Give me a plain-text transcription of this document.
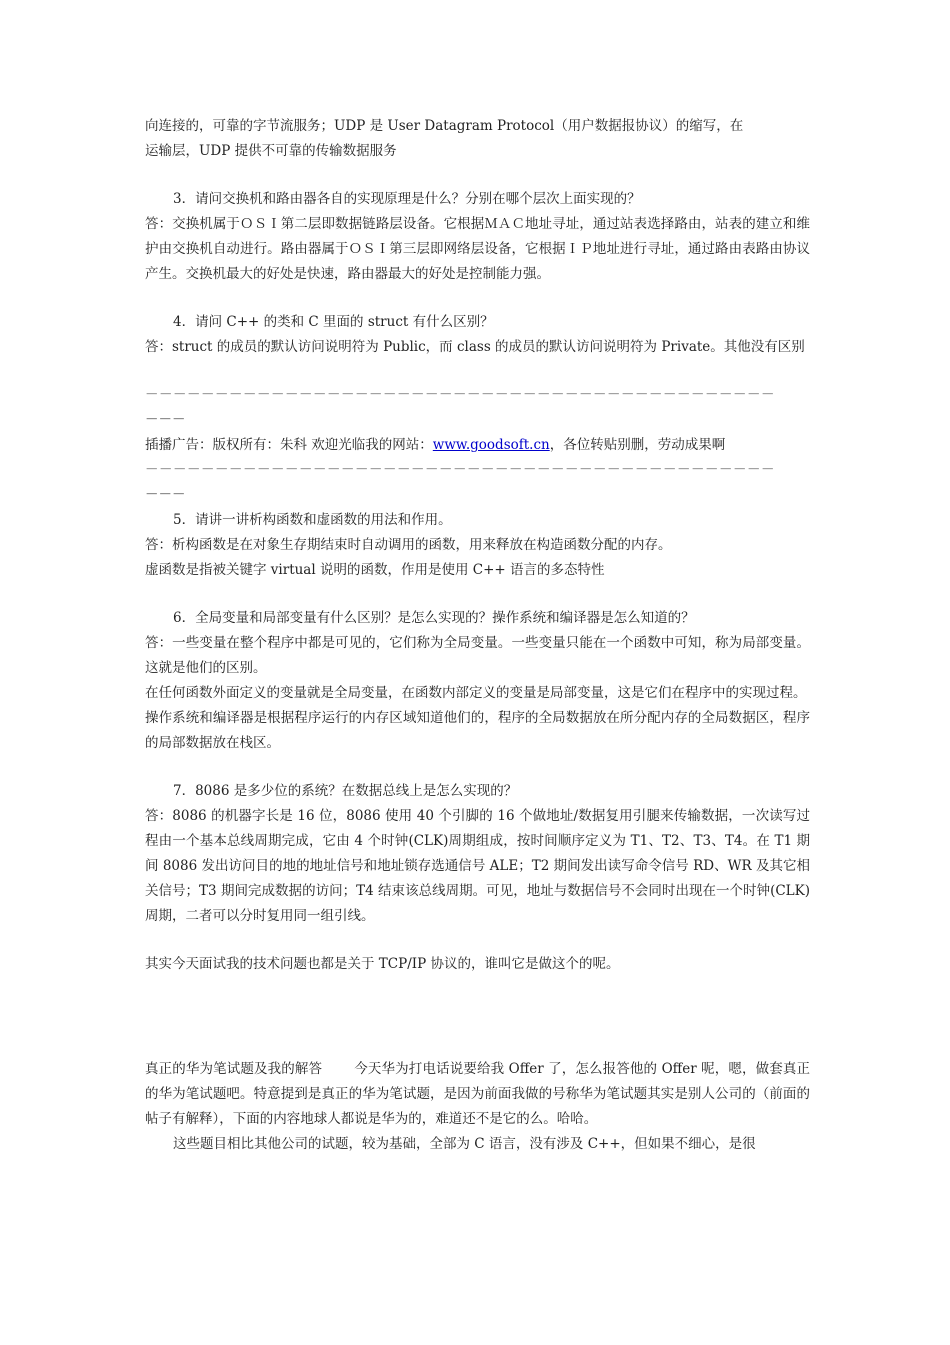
向连接的，可靠的字节流服务；UDP 是 User Datagram Protocol（用户数据报协议）的缩写，在

运输层，UDP 提供不可靠的传输数据服务

3．请问交换机和路由器各自的实现原理是什么？分别在哪个层次上面实现的？

答：交换机属于ＯＳＩ第二层即数据链路层设备。它根据ＭＡＣ地址寻址，通过站表选择路由，站表的建立和维护由交换机自动进行。路由器属于ＯＳＩ第三层即网络层设备，它根据ＩＰ地址进行寻址，通过路由表路由协议产生。交换机最大的好处是快速，路由器最大的好处是控制能力强。

4．请问 C++ 的类和 C 里面的 struct 有什么区别？

答：struct 的成员的默认访问说明符为 Public，而 class 的成员的默认访问说明符为 Private。其他没有区别

－－－－－－－－－－－－－－－－－－－－－－－－－－－－－－－－－－－－－－－－－－－－－

－－－

插播广告：版权所有：朱科 欢迎光临我的网站：www.goodsoft.cn，各位转贴别删，劳动成果啊

－－－－－－－－－－－－－－－－－－－－－－－－－－－－－－－－－－－－－－－－－－－－－

－－－

5．请讲一讲析构函数和虚函数的用法和作用。

答：析构函数是在对象生存期结束时自动调用的函数，用来释放在构造函数分配的内存。

虚函数是指被关键字 virtual 说明的函数，作用是使用 C++ 语言的多态特性

6．全局变量和局部变量有什么区别？是怎么实现的？操作系统和编译器是怎么知道的？

答：一些变量在整个程序中都是可见的，它们称为全局变量。一些变量只能在一个函数中可知，称为局部变量。这就是他们的区别。

在任何函数外面定义的变量就是全局变量，在函数内部定义的变量是局部变量，这是它们在程序中的实现过程。

操作系统和编译器是根据程序运行的内存区域知道他们的，程序的全局数据放在所分配内存的全局数据区，程序的局部数据放在栈区。

7．8086 是多少位的系统？在数据总线上是怎么实现的？

答：8086 的机器字长是 16 位，8086 使用 40 个引脚的 16 个做地址/数据复用引腿来传输数据，一次读写过程由一个基本总线周期完成，它由 4 个时钟(CLK)周期组成，按时间顺序定义为 T1、T2、T3、T4。在 T1 期间 8086 发出访问目的地的地址信号和地址锁存选通信号 ALE；T2 期间发出读写命令信号 RD、WR 及其它相关信号；T3 期间完成数据的访问；T4 结束该总线周期。可见，地址与数据信号不会同时出现在一个时钟(CLK)周期，二者可以分时复用同一组引线。

其实今天面试我的技术问题也都是关于 TCP/IP 协议的，谁叫它是做这个的呢。

真正的华为笔试题及我的解答 今天华为打电话说要给我 Offer 了，怎么报答他的 Offer 呢，嗯，做套真正的华为笔试题吧。特意提到是真正的华为笔试题，是因为前面我做的号称华为笔试题其实是别人公司的（前面的帖子有解释），下面的内容地球人都说是华为的，难道还不是它的么。哈哈。

这些题目相比其他公司的试题，较为基础，全部为 C 语言，没有涉及 C++，但如果不细心，是很
